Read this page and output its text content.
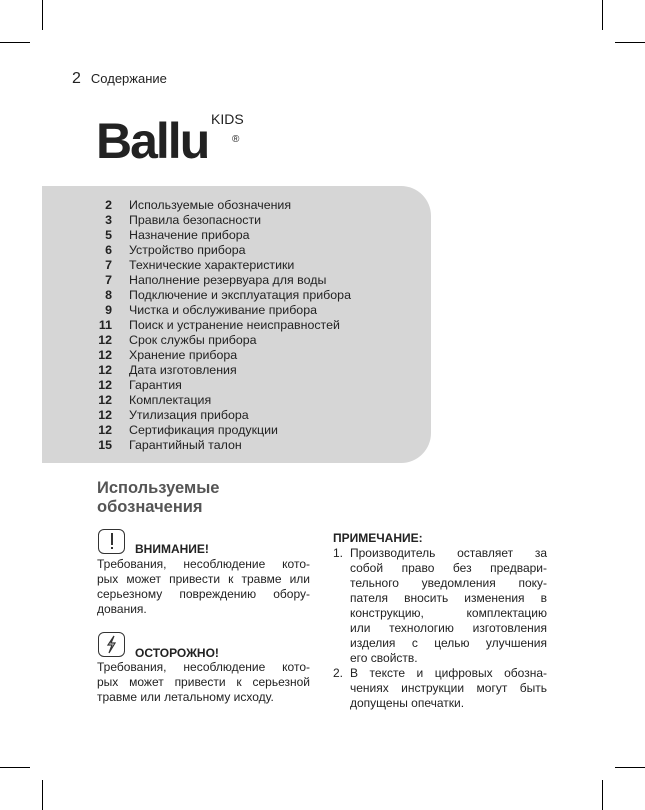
2 Содержание
Ballu KIDS
®
2 Используемые обозначения
3 Правила безопасности
5 Назначение прибора
6 Устройство прибора
7 Технические характеристики
7 Наполнение резервуара для воды
8 Подключение и эксплуатация прибора
9 Чистка и обслуживание прибора
11 Поиск и устранение неисправностей
12 Срок службы прибора
12 Хранение прибора
12 Дата изготовления
12 Гарантия
12 Комплектация
12 Утилизация прибора
12 Сертификация продукции
15 Гарантийный талон
Используемые
обозначения
ВНИМАНИЕ!
Требования, несоблюдение кото-
рых может привести к травме или
серьезному повреждению обору-
дования.
ОСТОРОЖНО!
Требования, несоблюдение кото-
рых может привести к серьезной
травме или летальному исходу.
ПРИМЕЧАНИЕ:
1. Производитель оставляет за
собой право без предвари-
тельного уведомления поку-
пателя вносить изменения в
конструкцию, комплектацию
или технологию изготовления
изделия с целью улучшения
его свойств.
2. В тексте и цифровых обозна-
чениях инструкции могут быть
допущены опечатки.
